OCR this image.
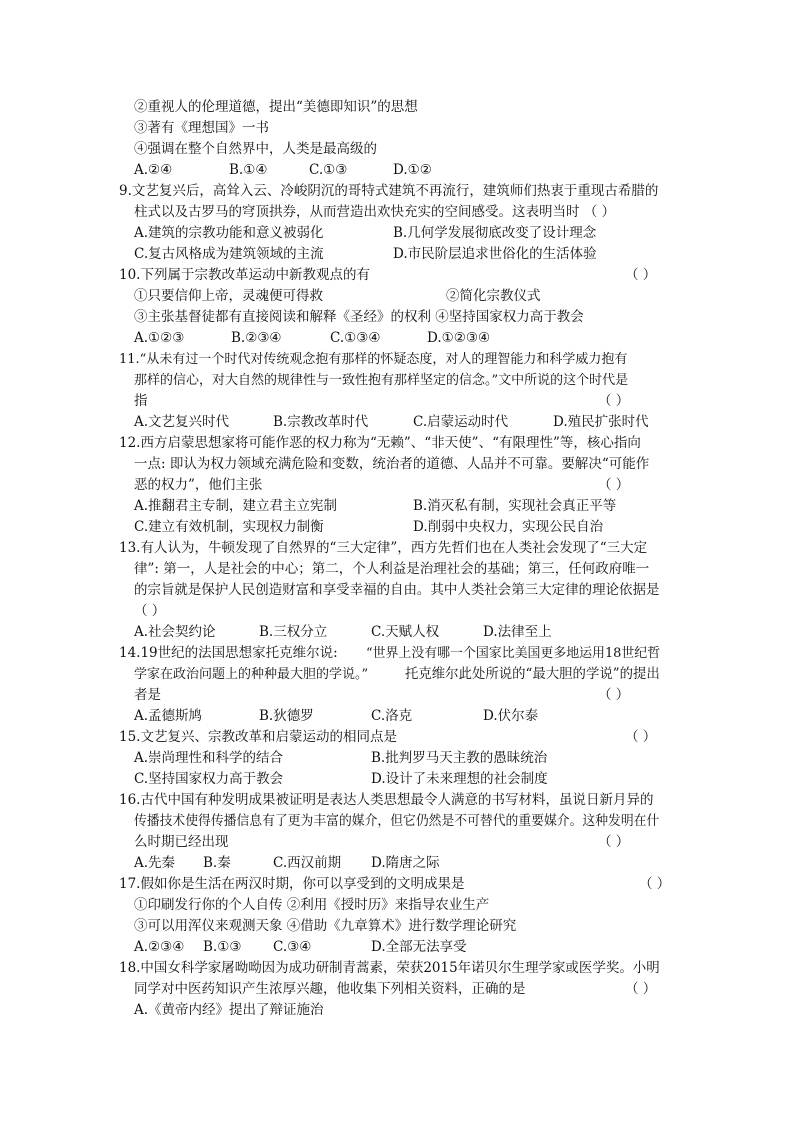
②重视人的伦理道德，提出“美德即知识”的思想
③著有《理想国》一书
④强调在整个自然界中，人类是最高级的
A.②④	B.①④	C.①③	D.①②
9.文艺复兴后，高耸入云、冷峻阴沉的哥特式建筑不再流行，建筑师们热衷于重现古希腊的
柱式以及古罗马的穹顶拱券，从而营造出欢快充实的空间感受。这表明当时 （ ）
A.建筑的宗教功能和意义被弱化	B.几何学发展彻底改变了设计理念
C.复古风格成为建筑领域的主流	D.市民阶层追求世俗化的生活体验
10.下列属于宗教改革运动中新教观点的有	（ ）
①只要信仰上帝，灵魂便可得救	②简化宗教仪式
③主张基督徒都有直接阅读和解释《圣经》的权利 ④坚持国家权力高于教会
A.①②③	B.②③④	C.①③④	D.①②③④
11.“从未有过一个时代对传统观念抱有那样的怀疑态度，对人的理智能力和科学威力抱有
那样的信心，对大自然的规律性与一致性抱有那样坚定的信念。”文中所说的这个时代是
指	（ ）
A.文艺复兴时代	B.宗教改革时代	C.启蒙运动时代	D.殖民扩张时代
12.西方启蒙思想家将可能作恶的权力称为“无赖”、“非天使”、“有限理性”等，核心指向
一点: 即认为权力领域充满危险和变数，统治者的道德、人品并不可靠。要解决“可能作
恶的权力”，他们主张	（ ）
A.推翻君主专制，建立君主立宪制	B.消灭私有制，实现社会真正平等
C.建立有效机制，实现权力制衡	D.削弱中央权力，实现公民自治
13.有人认为，牛顿发现了自然界的“三大定律”，西方先哲们也在人类社会发现了“三大定
律”: 第一，人是社会的中心；第二，个人利益是治理社会的基础；第三，任何政府唯一
的宗旨就是保护人民创造财富和享受幸福的自由。其中人类社会第三大定律的理论依据是
（ ）
A.社会契约论	B.三权分立	C.天赋人权	D.法律至上
14.19世纪的法国思想家托克维尔说: “世界上没有哪一个国家比美国更多地运用18世纪哲
学家在政治问题上的种种最大胆的学说。”	托克维尔此处所说的“最大胆的学说”的提出
者是	（ ）
A.孟德斯鸠	B.狄德罗	C.洛克	D.伏尔泰
15.文艺复兴、宗教改革和启蒙运动的相同点是	（ ）
A.崇尚理性和科学的结合	B.批判罗马天主教的愚昧统治
C.坚持国家权力高于教会	D.设计了未来理想的社会制度
16.古代中国有种发明成果被证明是表达人类思想最令人满意的书写材料，虽说日新月异的
传播技术使得传播信息有了更为丰富的媒介，但它仍然是不可替代的重要媒介。这种发明在什
么时期已经出现	（ ）
A.先秦 B.秦	C.西汉前期 D.隋唐之际
17.假如你是生活在两汉时期，你可以享受到的文明成果是	（ ）
①印刷发行你的个人自传 ②利用《授时历》来指导农业生产
③可以用浑仪来观测天象 ④借助《九章算术》进行数学理论研究
A.②③④ B.①③ C.③④	D.全部无法享受
18.中国女科学家屠呦呦因为成功研制青蒿素，荣获2015年诺贝尔生理学家或医学奖。小明
同学对中医药知识产生浓厚兴趣，他收集下列相关资料，正确的是	（ ）
A.《黄帝内经》提出了辩证施治
